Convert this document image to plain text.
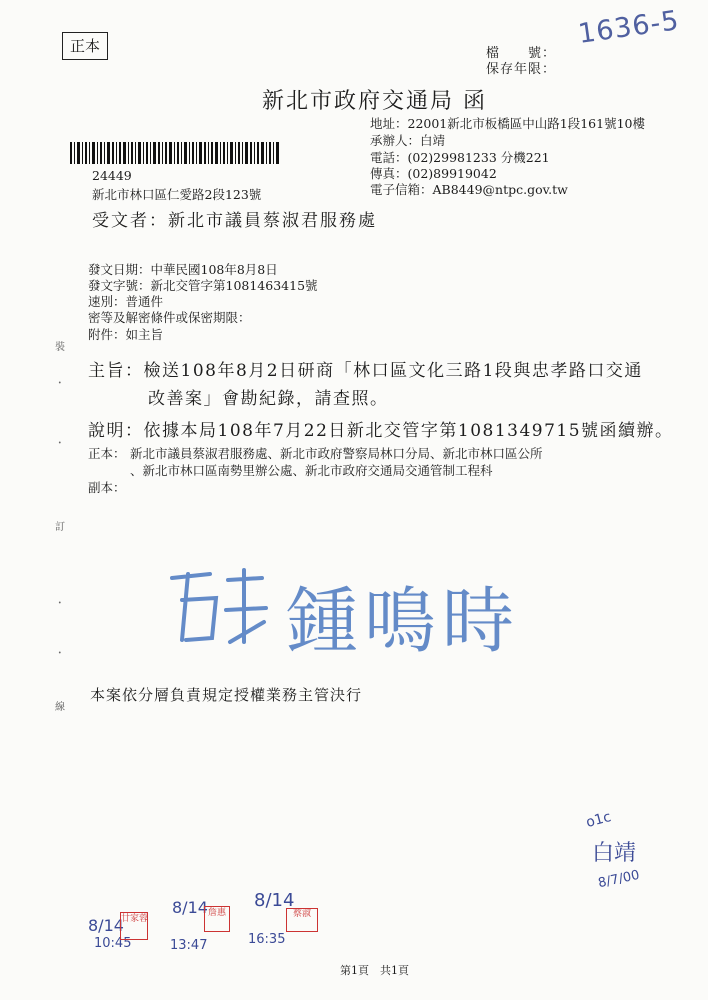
正本	檔　　號：
保存年限：
1636-5
新北市政府交通局 函
地址：22001新北市板橋區中山路1段161號10樓
承辦人：白靖
電話：(02)29981233 分機221
傳真：(02)89919042
電子信箱：AB8449@ntpc.gov.tw
24449
新北市林口區仁愛路2段123號
受文者：新北市議員蔡淑君服務處
發文日期：中華民國108年8月8日
發文字號：新北交管字第1081463415號
速別：普通件
密等及解密條件或保密期限：
附件：如主旨
主旨：檢送108年8月2日研商「林口區文化三路1段與忠孝路口交通
改善案」會勘紀錄，請查照。
說明：依據本局108年7月22日新北交管字第1081349715號函續辦。
正本： 新北市議員蔡淑君服務處、新北市政府警察局林口分局、新北市林口區公所
、新北市林口區南勢里辦公處、新北市政府交通局交通管制工程科
副本：
裝
訂
線
•
•
•
•	鍾鳴時
本案依分層負責規定授權業務主管決行
o1c
白靖
8/7/00
8/14
10:45
廿家蓉
8/14
13:47
詹惠
8/14
16:35
蔡淑
第1頁　共1頁
